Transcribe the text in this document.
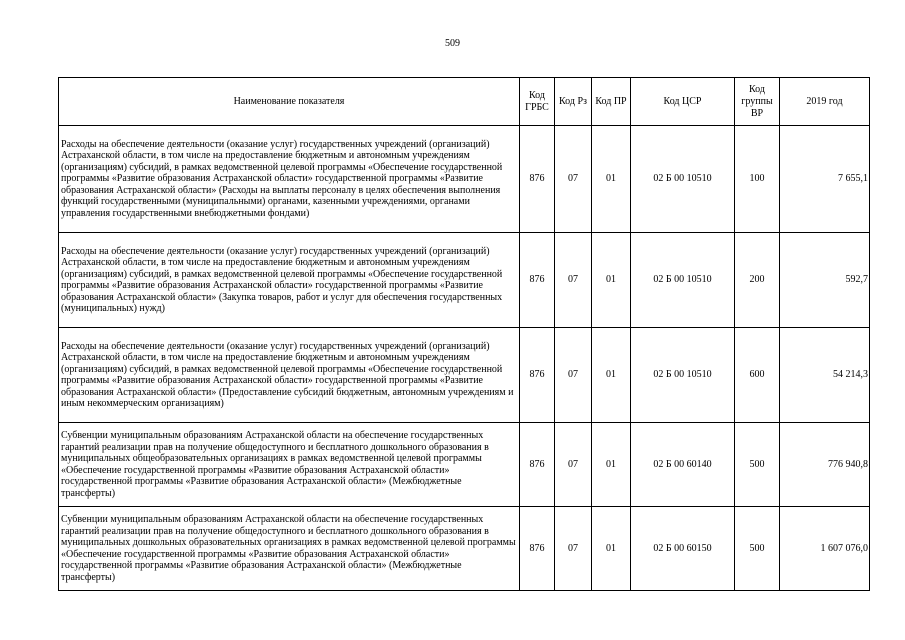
509
Наименование показателя	Код ГРБС	Код Рз	Код ПР	Код ЦСР	Код группы ВР	2019 год
Расходы на обеспечение деятельности (оказание услуг) государственных учреждений (организаций) Астраханской области, в том числе на предоставление бюджетным и автономным учреждениям (организациям) субсидий, в рамках ведомственной целевой программы «Обеспечение государственной программы «Развитие образования Астраханской области» государственной программы «Развитие образования Астраханской области» (Расходы на выплаты персоналу в целях обеспечения выполнения функций государственными (муниципальными) органами, казенными учреждениями, органами управления государственными внебюджетными фондами)	876	07	01	02 Б 00 10510	100	7 655,1
Расходы на обеспечение деятельности (оказание услуг) государственных учреждений (организаций) Астраханской области, в том числе на предоставление бюджетным и автономным учреждениям (организациям) субсидий, в рамках ведомственной целевой программы «Обеспечение государственной программы «Развитие образования Астраханской области» государственной программы «Развитие образования Астраханской области» (Закупка товаров, работ и услуг для обеспечения государственных (муниципальных) нужд)	876	07	01	02 Б 00 10510	200	592,7
Расходы на обеспечение деятельности (оказание услуг) государственных учреждений (организаций) Астраханской области, в том числе на предоставление бюджетным и автономным учреждениям (организациям) субсидий, в рамках ведомственной целевой программы «Обеспечение государственной программы «Развитие образования Астраханской области» государственной программы «Развитие образования Астраханской области» (Предоставление субсидий бюджетным, автономным учреждениям и иным некоммерческим организациям)	876	07	01	02 Б 00 10510	600	54 214,3
Субвенции муниципальным образованиям Астраханской области на обеспечение государственных гарантий реализации прав на получение общедоступного и бесплатного дошкольного образования в муниципальных общеобразовательных организациях в рамках ведомственной целевой программы «Обеспечение государственной программы «Развитие образования Астраханской области» государственной программы «Развитие образования Астраханской области» (Межбюджетные трансферты)	876	07	01	02 Б 00 60140	500	776 940,8
Субвенции муниципальным образованиям Астраханской области на обеспечение государственных гарантий реализации прав на получение общедоступного и бесплатного дошкольного образования в муниципальных дошкольных образовательных организациях в рамках ведомственной целевой программы «Обеспечение государственной программы «Развитие образования Астраханской области» государственной программы «Развитие образования Астраханской области» (Межбюджетные трансферты)	876	07	01	02 Б 00 60150	500	1 607 076,0
